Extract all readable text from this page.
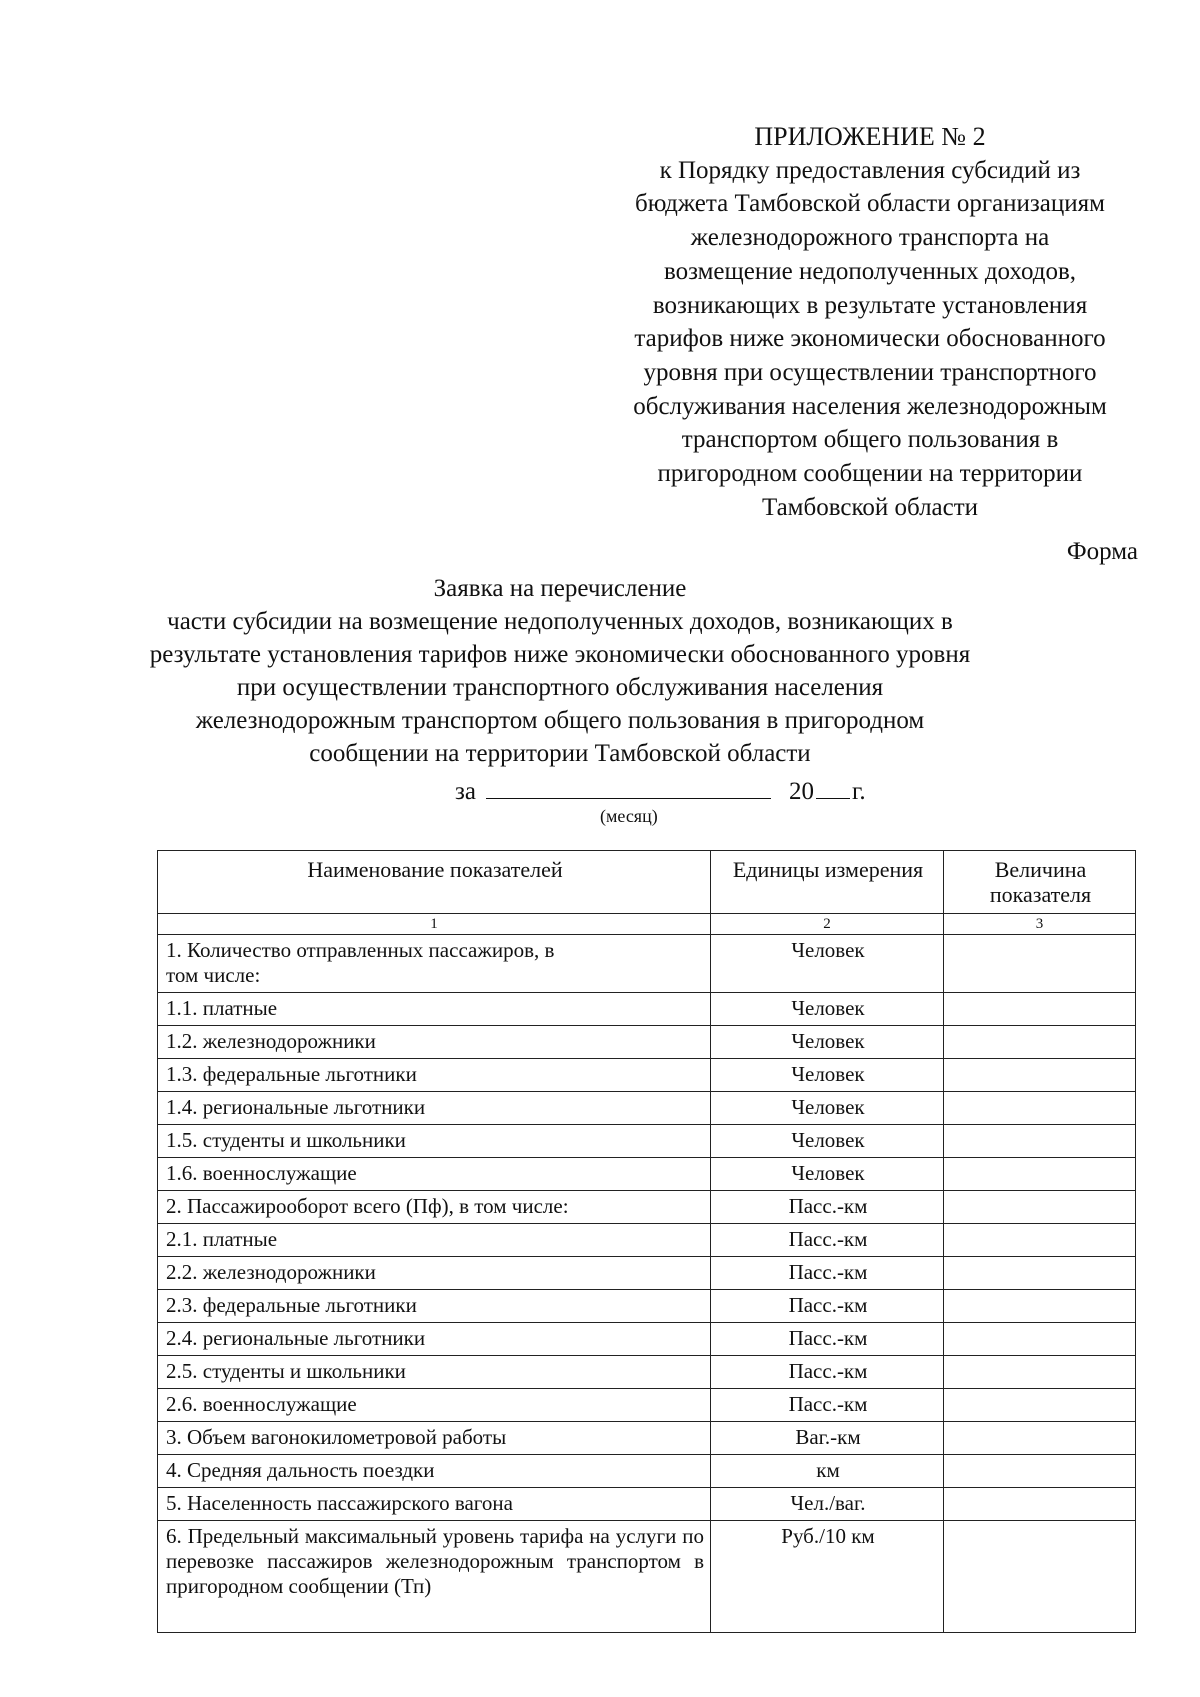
ПРИЛОЖЕНИЕ № 2
к Порядку предоставления субсидий из
бюджета Тамбовской области организациям
железнодорожного транспорта на
возмещение недополученных доходов,
возникающих в результате установления
тарифов ниже экономически обоснованного
уровня при осуществлении транспортного
обслуживания населения железнодорожным
транспортом общего пользования в
пригородном сообщении на территории
Тамбовской области
Форма
Заявка на перечисление
части субсидии на возмещение недополученных доходов, возникающих в
результате установления тарифов ниже экономически обоснованного уровня
при осуществлении транспортного обслуживания населения
железнодорожным транспортом общего пользования в пригородном
сообщении на территории Тамбовской области
за	20 г.
(месяц)
Наименование показателей	Единицы измерения	Величина показателя
1	2	3
1. Количество отправленных пассажиров, в том числе:	Человек	
1.1. платные	Человек	
1.2. железнодорожники	Человек	
1.3. федеральные льготники	Человек	
1.4. региональные льготники	Человек	
1.5. студенты и школьники	Человек	
1.6. военнослужащие	Человек	
2. Пассажирооборот всего (Пф), в том числе:	Пасс.-км	
2.1. платные	Пасс.-км	
2.2. железнодорожники	Пасс.-км	
2.3. федеральные льготники	Пасс.-км	
2.4. региональные льготники	Пасс.-км	
2.5. студенты и школьники	Пасс.-км	
2.6. военнослужащие	Пасс.-км	
3. Объем вагонокилометровой работы	Ваг.-км	
4. Средняя дальность поездки	км	
5. Населенность пассажирского вагона	Чел./ваг.	
6. Предельный максимальный уровень тарифа на услуги по перевозке пассажиров железнодорожным транспортом в пригородном сообщении (Тп)	Руб./10 км	
